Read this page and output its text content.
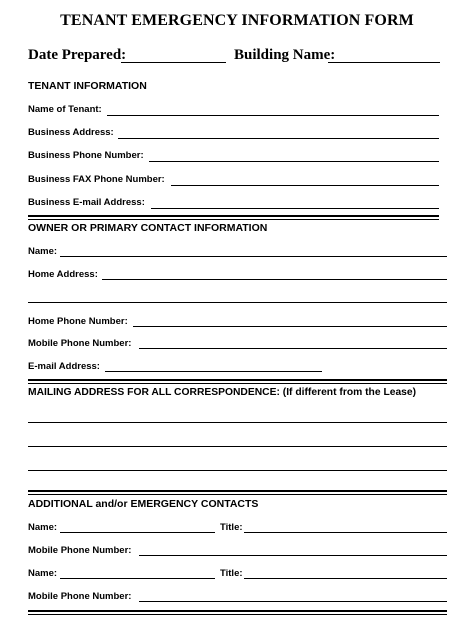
TENANT EMERGENCY INFORMATION FORM
Date Prepared:	Building Name:
TENANT INFORMATION
Name of Tenant:
Business Address:
Business Phone Number:
Business FAX Phone Number:
Business E-mail Address:
OWNER OR PRIMARY CONTACT INFORMATION
Name:
Home Address:
Home Phone Number:
Mobile Phone Number:
E-mail Address:
MAILING ADDRESS FOR ALL CORRESPONDENCE: (If different from the Lease)
ADDITIONAL and/or EMERGENCY CONTACTS
Name:	Title:
Mobile Phone Number:
Name:	Title:
Mobile Phone Number:
